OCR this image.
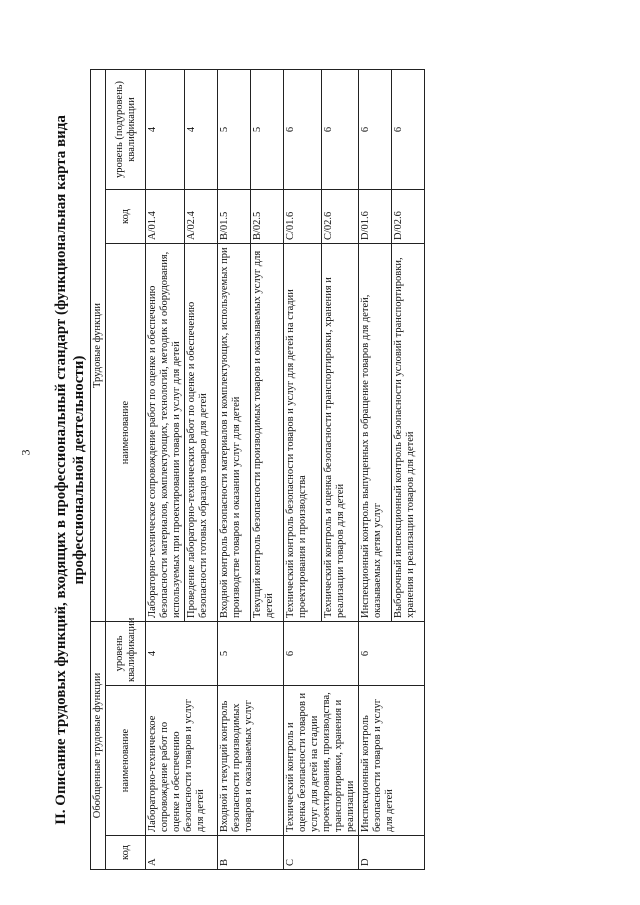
3 II. Описание трудовых функций, входящих в профессиональный стандарт (функциональная карта вида профессиональной деятельности)

Обобщенные трудовые функции			Трудовые функции		
код	наименование	уровень квалификации	наименование	код	уровень (подуровень) квалификации
A	Лабораторно-техническое сопровождение работ по оценке и обеспечению безопасности товаров и услуг для детей	4	Лабораторно-техническое сопровождение работ по оценке и обеспечению безопасности материалов, комплектующих, технологий, методик и оборудования, используемых при проектировании товаров и услуг для детей	A/01.4	4
			Проведение лабораторно-технических работ по оценке и обеспечению безопасности готовых образцов товаров для детей	A/02.4	4
B	Входной и текущий контроль безопасности производимых товаров и оказываемых услуг	5	Входной контроль безопасности материалов и комплектующих, используемых при производстве товаров и оказании услуг для детей	B/01.5	5
			Текущий контроль безопасности производимых товаров и оказываемых услуг для детей	B/02.5	5
C	Технический контроль и оценка безопасности товаров и услуг для детей на стадии проектирования, производства, транспортировки, хранения и реализации	6	Технический контроль безопасности товаров и услуг для детей на стадии проектирования и производства	C/01.6	6
			Технический контроль и оценка безопасности транспортировки, хранения и реализации товаров для детей	C/02.6	6
D	Инспекционный контроль безопасности товаров и услуг для детей	6	Инспекционный контроль выпущенных в обращение товаров для детей, оказываемых детям услуг	D/01.6	6
			Выборочный инспекционный контроль безопасности условий транспортировки, хранения и реализации товаров для детей	D/02.6	6
